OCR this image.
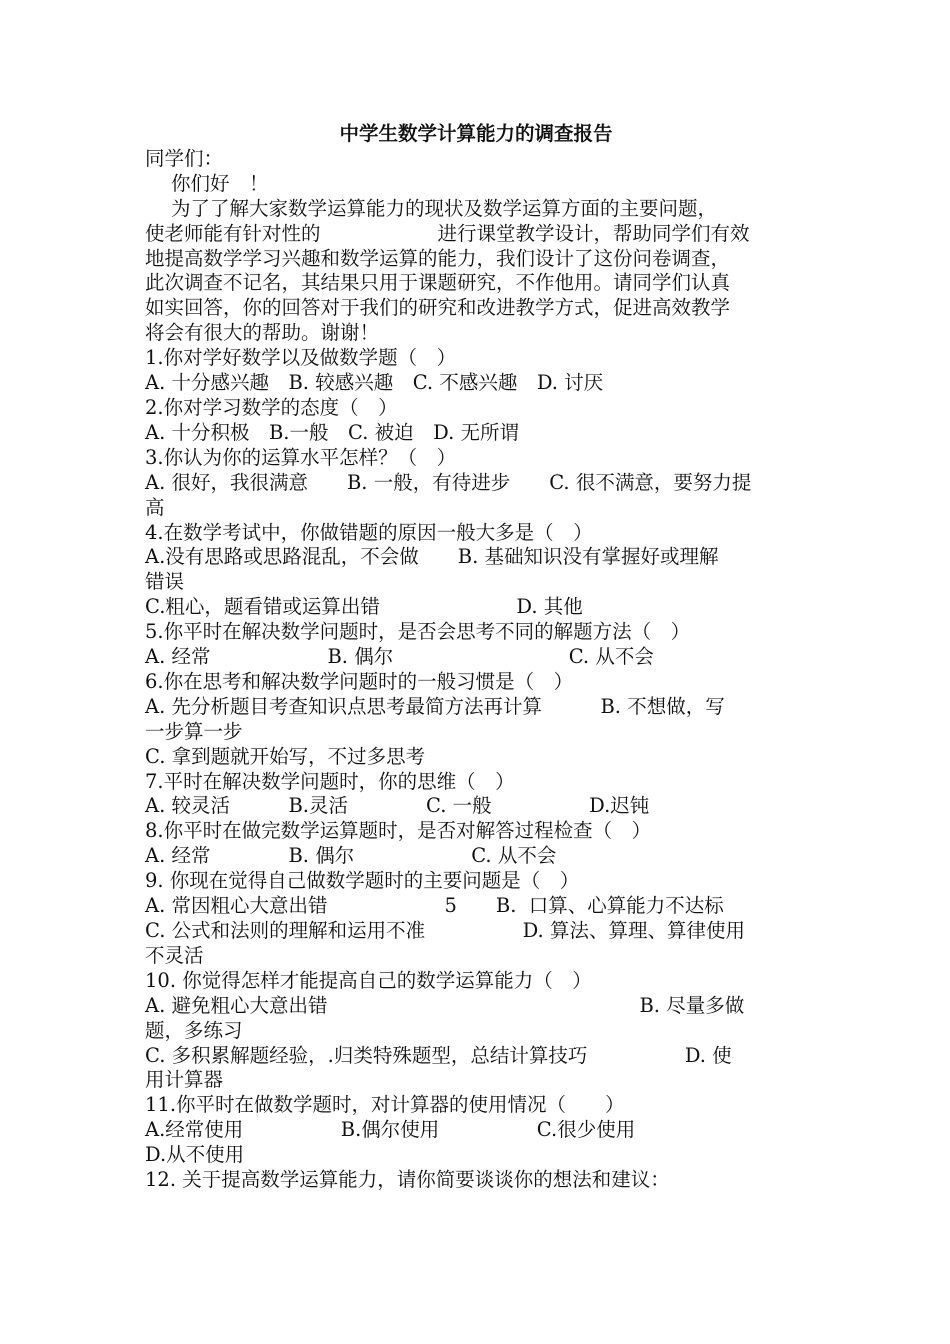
中学生数学计算能力的调查报告
同学们：
你们好　！
为了了解大家数学运算能力的现状及数学运算方面的主要问题，
使老师能有针对性的　　　　　　进行课堂教学设计，帮助同学们有效
地提高数学学习兴趣和数学运算的能力，我们设计了这份问卷调查，
此次调查不记名，其结果只用于课题研究，不作他用。请同学们认真
如实回答，你的回答对于我们的研究和改进教学方式，促进高效教学
将会有很大的帮助。谢谢！
1.你对学好数学以及做数学题（　）
A. 十分感兴趣　B. 较感兴趣　C. 不感兴趣　D. 讨厌
2.你对学习数学的态度（　）
A. 十分积极　B.一般　C. 被迫　D. 无所谓
3.你认为你的运算水平怎样？（　）
A. 很好，我很满意　　B. 一般，有待进步　　C. 很不满意，要努力提
高
4.在数学考试中，你做错题的原因一般大多是（　）
A.没有思路或思路混乱，不会做　　B. 基础知识没有掌握好或理解
错误
C.粗心，题看错或运算出错　　　　　　　D. 其他
5.你平时在解决数学问题时，是否会思考不同的解题方法（　）
A. 经常　　　　　　B. 偶尔　　　　　　　　　C. 从不会
6.你在思考和解决数学问题时的一般习惯是（　）
A. 先分析题目考查知识点思考最简方法再计算　　　B. 不想做，写
一步算一步
C. 拿到题就开始写，不过多思考
7.平时在解决数学问题时，你的思维（　）
A. 较灵活　　　B.灵活　　　　C. 一般　　　　　D.迟钝
8.你平时在做完数学运算题时，是否对解答过程检查（　）
A. 经常　　　　B. 偶尔　　　　　　C. 从不会
9. 你现在觉得自己做数学题时的主要问题是（　）
A. 常因粗心大意出错　　　　　　5　　B.  口算、心算能力不达标
C. 公式和法则的理解和运用不准　　　　　D. 算法、算理、算律使用
不灵活
10. 你觉得怎样才能提高自己的数学运算能力（　）
A. 避免粗心大意出错　　　　　　　　　　　　　　　　B. 尽量多做
题，多练习
C. 多积累解题经验，.归类特殊题型，总结计算技巧　　　　　D. 使
用计算器
11.你平时在做数学题时，对计算器的使用情况（　　）
A.经常使用　　　　　B.偶尔使用　　　　　C.很少使用
D.从不使用
12. 关于提高数学运算能力，请你简要谈谈你的想法和建议：
